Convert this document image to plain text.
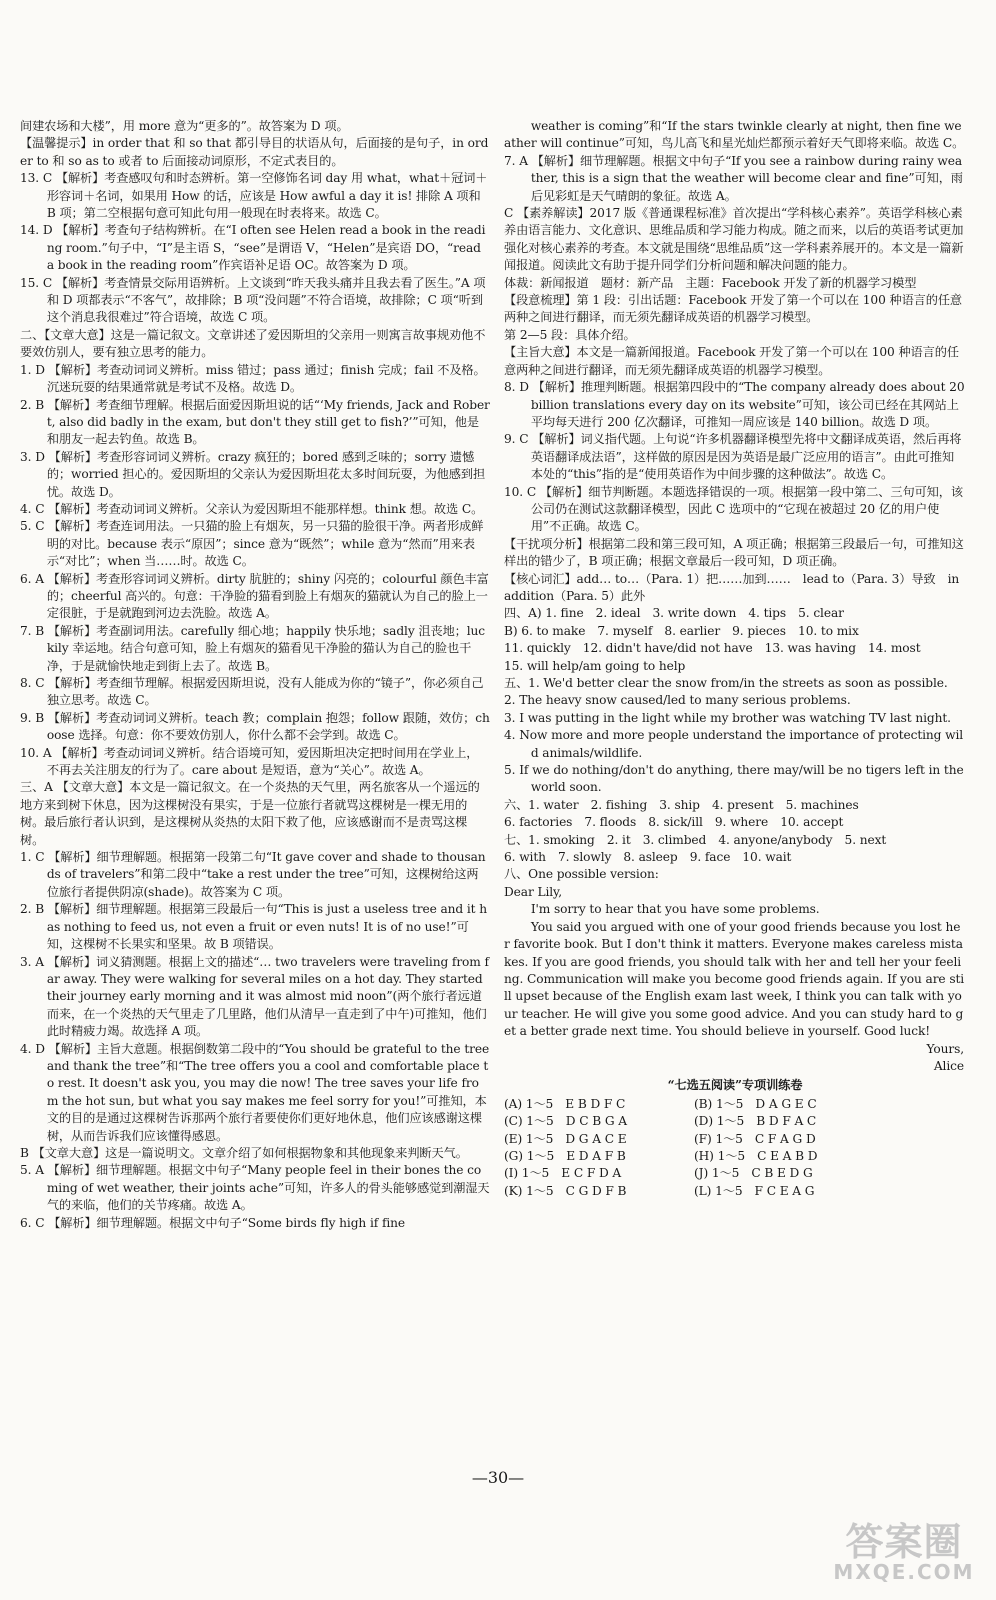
间建农场和大楼”，用 more 意为“更多的”。故答案为 D 项。

【温馨提示】in order that 和 so that 都引导目的状语从句，后面接的是句子，in order to 和 so as to 或者 to 后面接动词原形，不定式表目的。

13. C 【解析】考查感叹句和时态辨析。第一空修饰名词 day 用 what，what＋冠词＋形容词＋名词，如果用 How 的话，应该是 How awful a day it is! 排除 A 项和 B 项；第二空根据句意可知此句用一般现在时表将来。故选 C。

14. D 【解析】考查句子结构辨析。在“I often see Helen read a book in the reading room.”句子中，“I”是主语 S，“see”是谓语 V，“Helen”是宾语 DO，“read a book in the reading room”作宾语补足语 OC。故答案为 D 项。

15. C 【解析】考查情景交际用语辨析。上文谈到“昨天我头痛并且我去看了医生。”A 项和 D 项都表示“不客气”，故排除；B 项“没问题”不符合语境，故排除；C 项“听到这个消息我很难过”符合语境，故选 C 项。

二、【文章大意】这是一篇记叙文。文章讲述了爱因斯坦的父亲用一则寓言故事规劝他不要效仿别人，要有独立思考的能力。

1. D 【解析】考查动词词义辨析。miss 错过；pass 通过；finish 完成；fail 不及格。沉迷玩耍的结果通常就是考试不及格。故选 D。

2. B 【解析】考查细节理解。根据后面爱因斯坦说的话“‘My friends, Jack and Robert, also did badly in the exam, but don't they still get to fish?’”可知，他是和朋友一起去钓鱼。故选 B。

3. D 【解析】考查形容词词义辨析。crazy 疯狂的；bored 感到乏味的；sorry 遗憾的；worried 担心的。爱因斯坦的父亲认为爱因斯坦花太多时间玩耍，为他感到担忧。故选 D。

4. C 【解析】考查动词词义辨析。父亲认为爱因斯坦不能那样想。think 想。故选 C。

5. C 【解析】考查连词用法。一只猫的脸上有烟灰，另一只猫的脸很干净。两者形成鲜明的对比。because 表示“原因”；since 意为“既然”；while 意为“然而”用来表示“对比”；when 当……时。故选 C。

6. A 【解析】考查形容词词义辨析。dirty 肮脏的；shiny 闪亮的；colourful 颜色丰富的；cheerful 高兴的。句意：干净脸的猫看到脸上有烟灰的猫就认为自己的脸上一定很脏，于是就跑到河边去洗脸。故选 A。

7. B 【解析】考查副词用法。carefully 细心地；happily 快乐地；sadly 沮丧地；luckily 幸运地。结合句意可知，脸上有烟灰的猫看见干净脸的猫认为自己的脸也干净，于是就愉快地走到街上去了。故选 B。

8. C 【解析】考查细节理解。根据爱因斯坦说，没有人能成为你的“镜子”，你必须自己独立思考。故选 C。

9. B 【解析】考查动词词义辨析。teach 教；complain 抱怨；follow 跟随，效仿；choose 选择。句意：你不要效仿别人，你什么都不会学到。故选 C。

10. A 【解析】考查动词词义辨析。结合语境可知，爱因斯坦决定把时间用在学业上，不再去关注朋友的行为了。care about 是短语，意为“关心”。故选 A。

三、A 【文章大意】本文是一篇记叙文。在一个炎热的天气里，两名旅客从一个遥远的地方来到树下休息，因为这棵树没有果实，于是一位旅行者就骂这棵树是一棵无用的树。最后旅行者认识到，是这棵树从炎热的太阳下救了他，应该感谢而不是责骂这棵树。

1. C 【解析】细节理解题。根据第一段第二句“It gave cover and shade to thousands of travelers”和第二段中“take a rest under the tree”可知，这棵树给这两位旅行者提供阴凉(shade)。故答案为 C 项。

2. B 【解析】细节理解题。根据第三段最后一句“This is just a useless tree and it has nothing to feed us, not even a fruit or even nuts! It is of no use!”可知，这棵树不长果实和坚果。故 B 项错误。

3. A 【解析】词义猜测题。根据上文的描述“… two travelers were traveling from far away. They were walking for several miles on a hot day. They started their journey early morning and it was almost mid noon”(两个旅行者远道而来，在一个炎热的天气里走了几里路，他们从清早一直走到了中午)可推知，他们此时精疲力竭。故选择 A 项。

4. D 【解析】主旨大意题。根据倒数第二段中的“You should be grateful to the tree and thank the tree”和“The tree offers you a cool and comfortable place to rest. It doesn't ask you, you may die now! The tree saves your life from the hot sun, but what you say makes me feel sorry for you!”可推知，本文的目的是通过这棵树告诉那两个旅行者要使你们更好地休息，他们应该感谢这棵树，从而告诉我们应该懂得感恩。

B 【文章大意】这是一篇说明文。文章介绍了如何根据物象和其他现象来判断天气。

5. A 【解析】细节理解题。根据文中句子“Many people feel in their bones the coming of wet weather, their joints ache”可知，许多人的骨头能够感觉到潮湿天气的来临，他们的关节疼痛。故选 A。

6. C 【解析】细节理解题。根据文中句子“Some birds fly high if fine

weather is coming”和“If the stars twinkle clearly at night, then fine weather will continue”可知，鸟儿高飞和星光灿烂都预示着好天气即将来临。故选 C。

7. A 【解析】细节理解题。根据文中句子“If you see a rainbow during rainy weather, this is a sign that the weather will become clear and fine”可知，雨后见彩虹是天气晴朗的象征。故选 A。

C 【素养解读】2017 版《普通课程标准》首次提出“学科核心素养”。英语学科核心素养由语言能力、文化意识、思维品质和学习能力构成。随之而来，以后的英语考试更加强化对核心素养的考查。本文就是围绕“思维品质”这一学科素养展开的。本文是一篇新闻报道。阅读此文有助于提升同学们分析问题和解决问题的能力。

体裁：新闻报道　题材：新产品　主题：Facebook 开发了新的机器学习模型

【段意梳理】第 1 段：引出话题：Facebook 开发了第一个可以在 100 种语言的任意两种之间进行翻译，而无须先翻译成英语的机器学习模型。

第 2—5 段：具体介绍。

【主旨大意】本文是一篇新闻报道。Facebook 开发了第一个可以在 100 种语言的任意两种之间进行翻译，而无须先翻译成英语的机器学习模型。

8. D 【解析】推理判断题。根据第四段中的“The company already does about 20 billion translations every day on its website”可知，该公司已经在其网站上平均每天进行 200 亿次翻译，可推知一周应该是 140 billion。故选 D 项。

9. C 【解析】词义指代题。上句说“许多机器翻译模型先将中文翻译成英语，然后再将英语翻译成法语”，这样做的原因是因为英语是最广泛应用的语言”。由此可推知本处的“this”指的是“使用英语作为中间步骤的这种做法”。故选 C。

10. C 【解析】细节判断题。本题选择错误的一项。根据第一段中第二、三句可知，该公司仍在测试这款翻译模型，因此 C 选项中的“它现在被超过 20 亿的用户使用”不正确。故选 C。

【干扰项分析】根据第二段和第三段可知，A 项正确；根据第三段最后一句，可推知这样出的错少了，B 项正确；根据文章最后一段可知，D 项正确。

【核心词汇】add… to…（Para. 1）把……加到……　lead to（Para. 3）导致　in addition（Para. 5）此外

四、A) 1. fine　2. ideal　3. write down　4. tips　5. clear

B) 6. to make　7. myself　8. earlier　9. pieces　10. to mix

11. quickly　12. didn't have/did not have　13. was having　14. most

15. will help/am going to help

五、1. We'd better clear the snow from/in the streets as soon as possible.

2. The heavy snow caused/led to many serious problems.

3. I was putting in the light while my brother was watching TV last night.

4. Now more and more people understand the importance of protecting wild animals/wildlife.

5. If we do nothing/don't do anything, there may/will be no tigers left in the world soon.

六、1. water　2. fishing　3. ship　4. present　5. machines

6. factories　7. floods　8. sick/ill　9. where　10. accept

七、1. smoking　2. it　3. climbed　4. anyone/anybody　5. next

6. with　7. slowly　8. asleep　9. face　10. wait

八、One possible version:

Dear Lily,

I'm sorry to hear that you have some problems.

You said you argued with one of your good friends because you lost her favorite book. But I don't think it matters. Everyone makes careless mistakes. If you are good friends, you should talk with her and tell her your feeling. Communication will make you become good friends again. If you are still upset because of the English exam last week, I think you can talk with your teacher. He will give you some good advice. And you can study hard to get a better grade next time. You should believe in yourself. Good luck!

Yours,

Alice

“七选五阅读”专项训练卷

(A) 1～5　E B D F C	(B) 1～5　D A G E C
(C) 1～5　D C B G A	(D) 1～5　B D F A C
(E) 1～5　D G A C E	(F) 1～5　C F A G D
(G) 1～5　E D A F B	(H) 1～5　C E A B D
(I) 1～5　E C F D A	(J) 1～5　C B E D G
(K) 1～5　C G D F B	(L) 1～5　F C E A G
—30—
答案圈
MXQE.COM
